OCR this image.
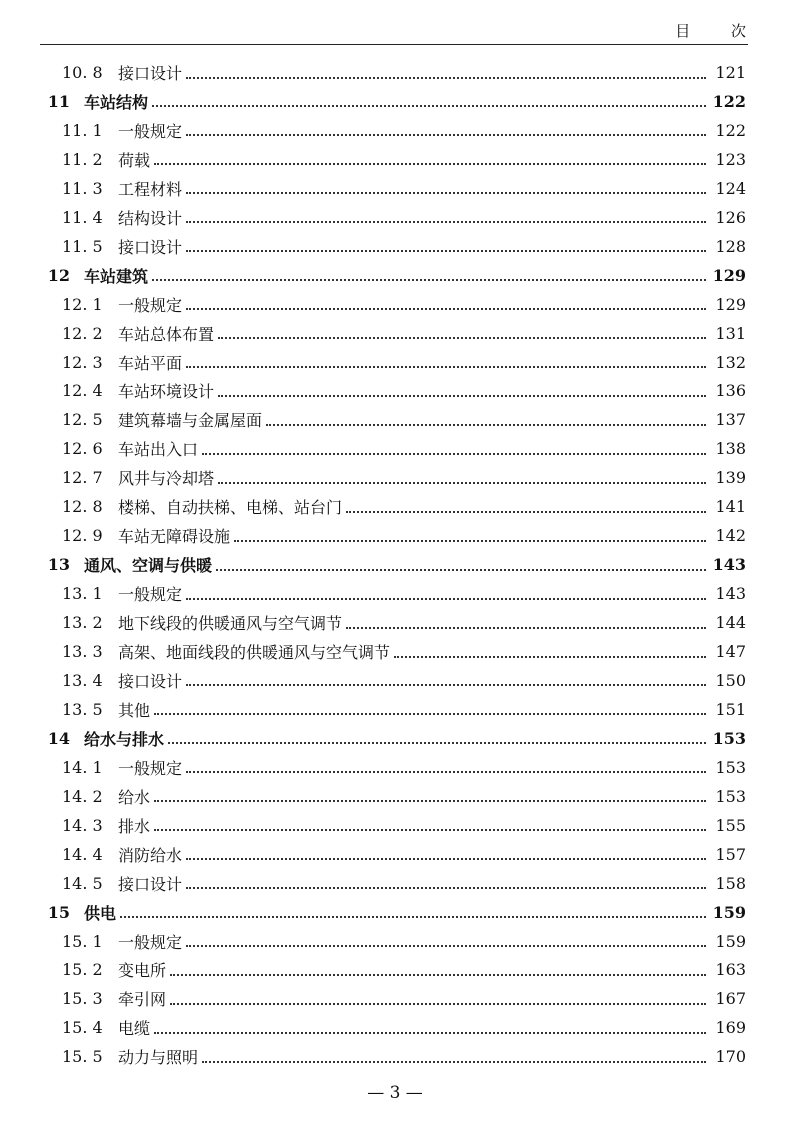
目 次
10. 8 接口设计	121
11 车站结构	122
11. 1 一般规定	122
11. 2 荷载	123
11. 3 工程材料	124
11. 4 结构设计	126
11. 5 接口设计	128
12 车站建筑	129
12. 1 一般规定	129
12. 2 车站总体布置	131
12. 3 车站平面	132
12. 4 车站环境设计	136
12. 5 建筑幕墙与金属屋面	137
12. 6 车站出入口	138
12. 7 风井与冷却塔	139
12. 8 楼梯、自动扶梯、电梯、站台门	141
12. 9 车站无障碍设施	142
13 通风、空调与供暖	143
13. 1 一般规定	143
13. 2 地下线段的供暖通风与空气调节	144
13. 3 高架、地面线段的供暖通风与空气调节	147
13. 4 接口设计	150
13. 5 其他	151
14 给水与排水	153
14. 1 一般规定	153
14. 2 给水	153
14. 3 排水	155
14. 4 消防给水	157
14. 5 接口设计	158
15 供电	159
15. 1 一般规定	159
15. 2 变电所	163
15. 3 牵引网	167
15. 4 电缆	169
15. 5 动力与照明	170
— 3 —
